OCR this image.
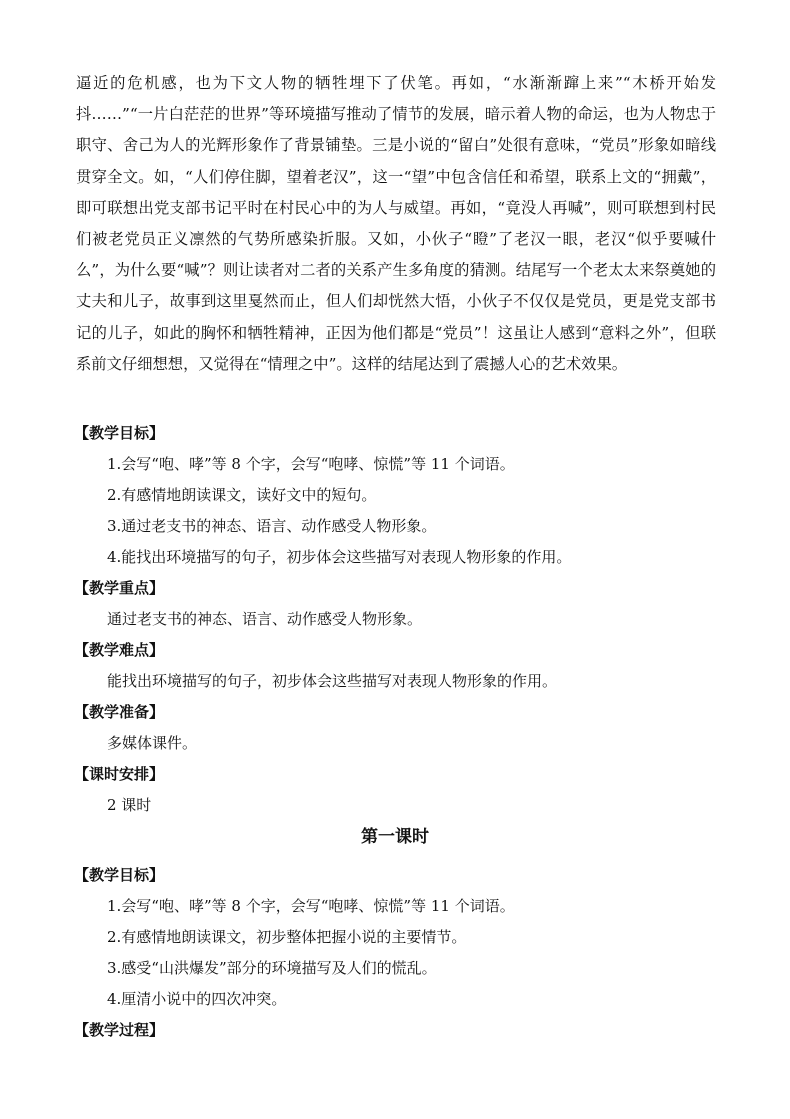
逼近的危机感，也为下文人物的牺牲埋下了伏笔。再如，“水渐渐蹿上来”“木桥开始发抖……”“一片白茫茫的世界”等环境描写推动了情节的发展，暗示着人物的命运，也为人物忠于职守、舍己为人的光辉形象作了背景铺垫。三是小说的“留白”处很有意味，“党员”形象如暗线贯穿全文。如，“人们停住脚，望着老汉”，这一“望”中包含信任和希望，联系上文的“拥戴”，即可联想出党支部书记平时在村民心中的为人与威望。再如，“竟没人再喊”，则可联想到村民们被老党员正义凛然的气势所感染折服。又如，小伙子“瞪”了老汉一眼，老汉“似乎要喊什么”，为什么要“喊”？则让读者对二者的关系产生多角度的猜测。结尾写一个老太太来祭奠她的丈夫和儿子，故事到这里戛然而止，但人们却恍然大悟，小伙子不仅仅是党员，更是党支部书记的儿子，如此的胸怀和牺牲精神，正因为他们都是“党员”！这虽让人感到“意料之外”，但联系前文仔细想想，又觉得在“情理之中”。这样的结尾达到了震撼人心的艺术效果。

【教学目标】
1.会写“咆、哮”等 8 个字，会写“咆哮、惊慌”等 11 个词语。
2.有感情地朗读课文，读好文中的短句。
3.通过老支书的神态、语言、动作感受人物形象。
4.能找出环境描写的句子，初步体会这些描写对表现人物形象的作用。
【教学重点】
通过老支书的神态、语言、动作感受人物形象。
【教学难点】
能找出环境描写的句子，初步体会这些描写对表现人物形象的作用。
【教学准备】
多媒体课件。
【课时安排】
2 课时
第一课时
【教学目标】
1.会写“咆、哮”等 8 个字，会写“咆哮、惊慌”等 11 个词语。
2.有感情地朗读课文，初步整体把握小说的主要情节。
3.感受“山洪爆发”部分的环境描写及人们的慌乱。
4.厘清小说中的四次冲突。
【教学过程】
